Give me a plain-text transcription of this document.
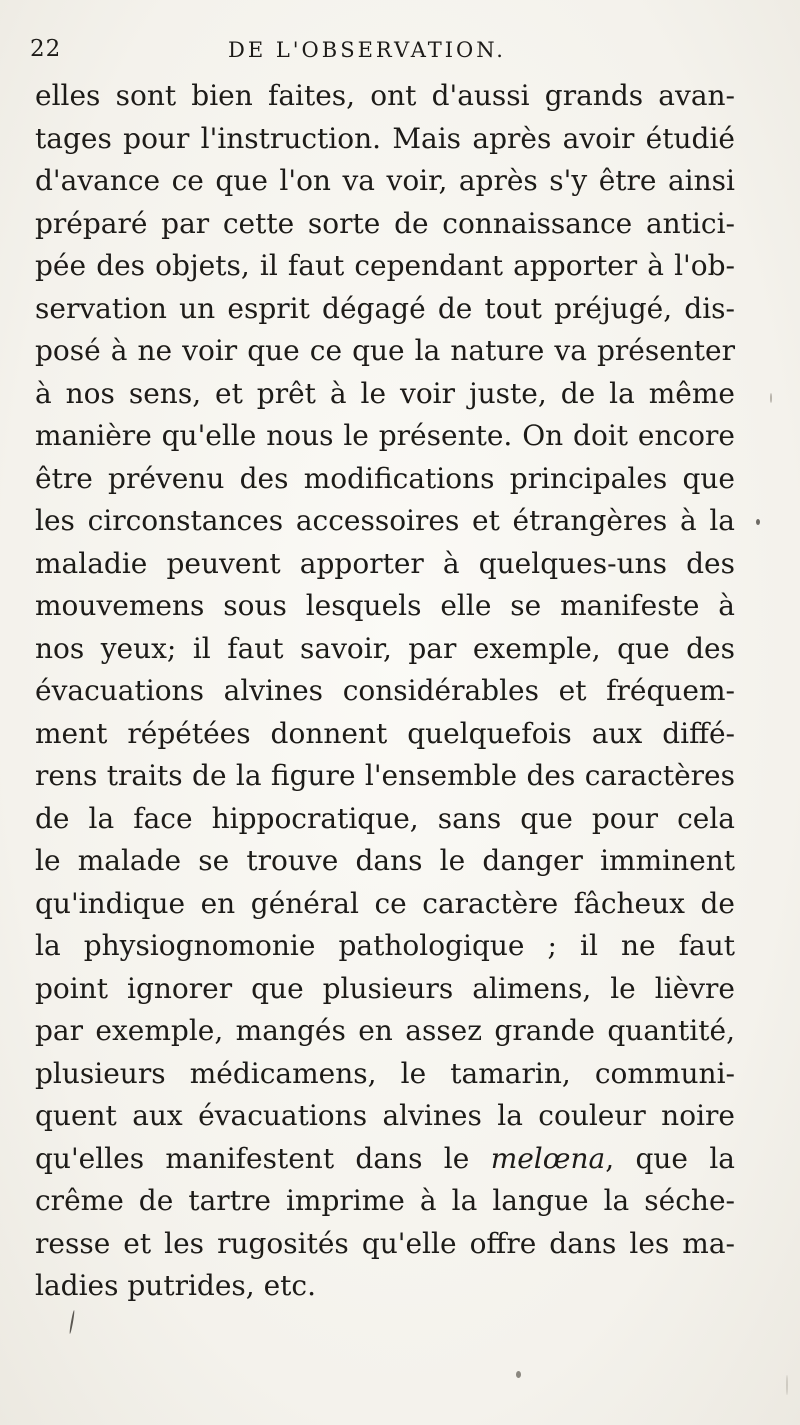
22	DE L'OBSERVATION.
elles sont bien faites, ont d'aussi grands avan-
tages pour l'instruction. Mais après avoir étudié
d'avance ce que l'on va voir, après s'y être ainsi
préparé par cette sorte de connaissance antici-
pée des objets, il faut cependant apporter à l'ob-
servation un esprit dégagé de tout préjugé, dis-
posé à ne voir que ce que la nature va présenter
à nos sens, et prêt à le voir juste, de la même
manière qu'elle nous le présente. On doit encore
être prévenu des modifications principales que
les circonstances accessoires et étrangères à la
maladie peuvent apporter à quelques-uns des
mouvemens sous lesquels elle se manifeste à
nos yeux; il faut savoir, par exemple, que des
évacuations alvines considérables et fréquem-
ment répétées donnent quelquefois aux diffé-
rens traits de la figure l'ensemble des caractères
de la face hippocratique, sans que pour cela
le malade se trouve dans le danger imminent
qu'indique en général ce caractère fâcheux de
la physiognomonie pathologique ; il ne faut
point ignorer que plusieurs alimens, le lièvre
par exemple, mangés en assez grande quantité,
plusieurs médicamens, le tamarin, communi-
quent aux évacuations alvines la couleur noire
qu'elles manifestent dans le melœna, que la
crême de tartre imprime à la langue la séche-
resse et les rugosités qu'elle offre dans les ma-
ladies putrides, etc.
